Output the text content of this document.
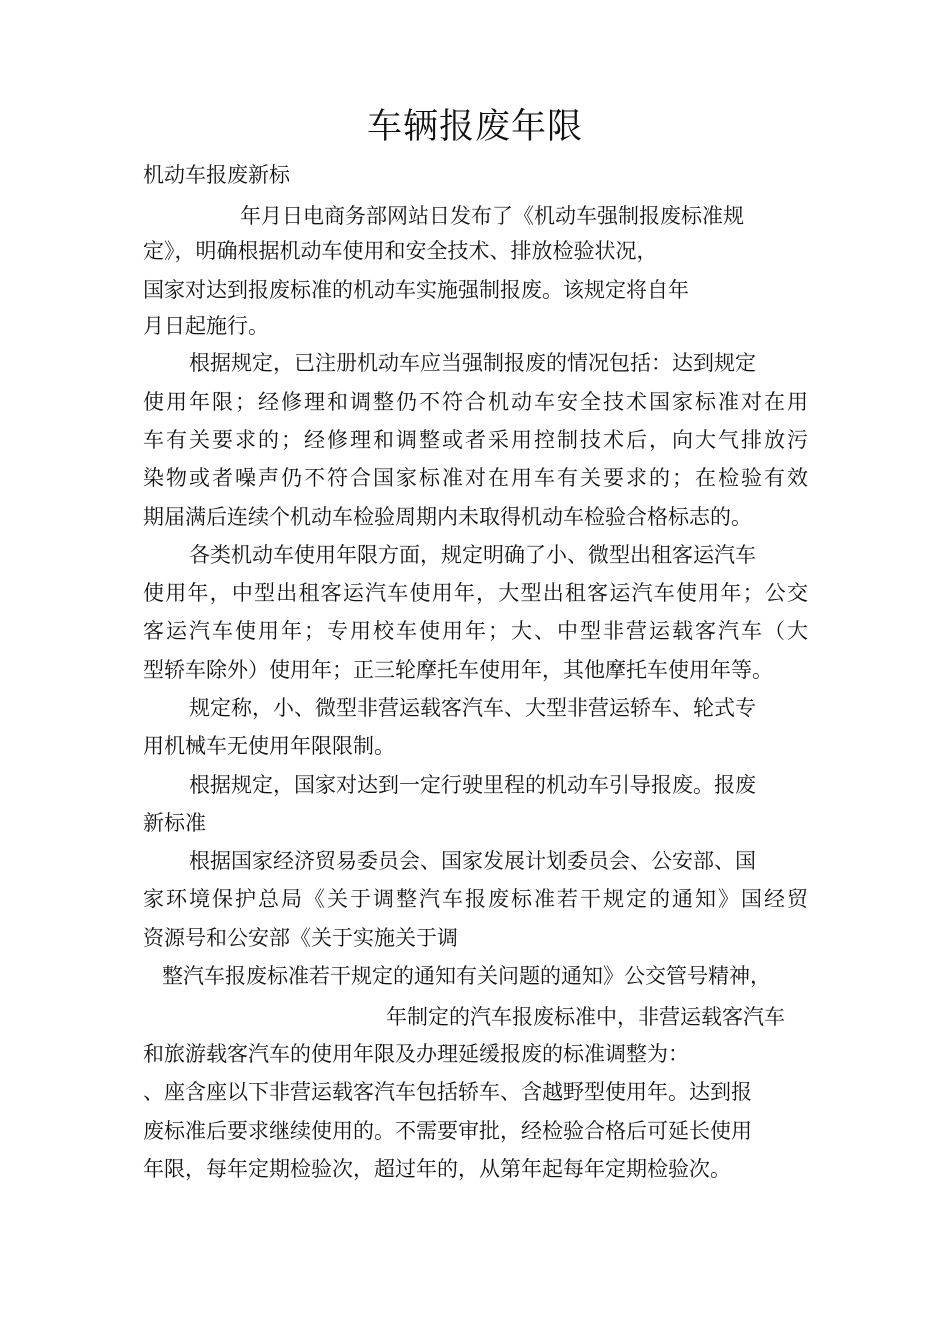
车辆报废年限
机动车报废新标
年月日电商务部网站日发布了《机动车强制报废标准规
定》，明确根据机动车使用和安全技术、排放检验状况，
国家对达到报废标准的机动车实施强制报废。该规定将自年
月日起施行。
根据规定，已注册机动车应当强制报废的情况包括：达到规定
使用年限；经修理和调整仍不符合机动车安全技术国家标准对在用
车有关要求的；经修理和调整或者采用控制技术后，向大气排放污
染物或者噪声仍不符合国家标准对在用车有关要求的；在检验有效
期届满后连续个机动车检验周期内未取得机动车检验合格标志的。
各类机动车使用年限方面，规定明确了小、微型出租客运汽车
使用年，中型出租客运汽车使用年，大型出租客运汽车使用年；公交
客运汽车使用年；专用校车使用年；大、中型非营运载客汽车（大
型轿车除外）使用年；正三轮摩托车使用年，其他摩托车使用年等。
规定称，小、微型非营运载客汽车、大型非营运轿车、轮式专
用机械车无使用年限限制。
根据规定，国家对达到一定行驶里程的机动车引导报废。报废
新标准
根据国家经济贸易委员会、国家发展计划委员会、公安部、国
家环境保护总局《关于调整汽车报废标准若干规定的通知》国经贸
资源号和公安部《关于实施关于调
整汽车报废标准若干规定的通知有关问题的通知》公交管号精神，
年制定的汽车报废标准中，非营运载客汽车
和旅游载客汽车的使用年限及办理延缓报废的标准调整为：
、座含座以下非营运载客汽车包括轿车、含越野型使用年。达到报
废标准后要求继续使用的。不需要审批，经检验合格后可延长使用
年限，每年定期检验次，超过年的，从第年起每年定期检验次。
